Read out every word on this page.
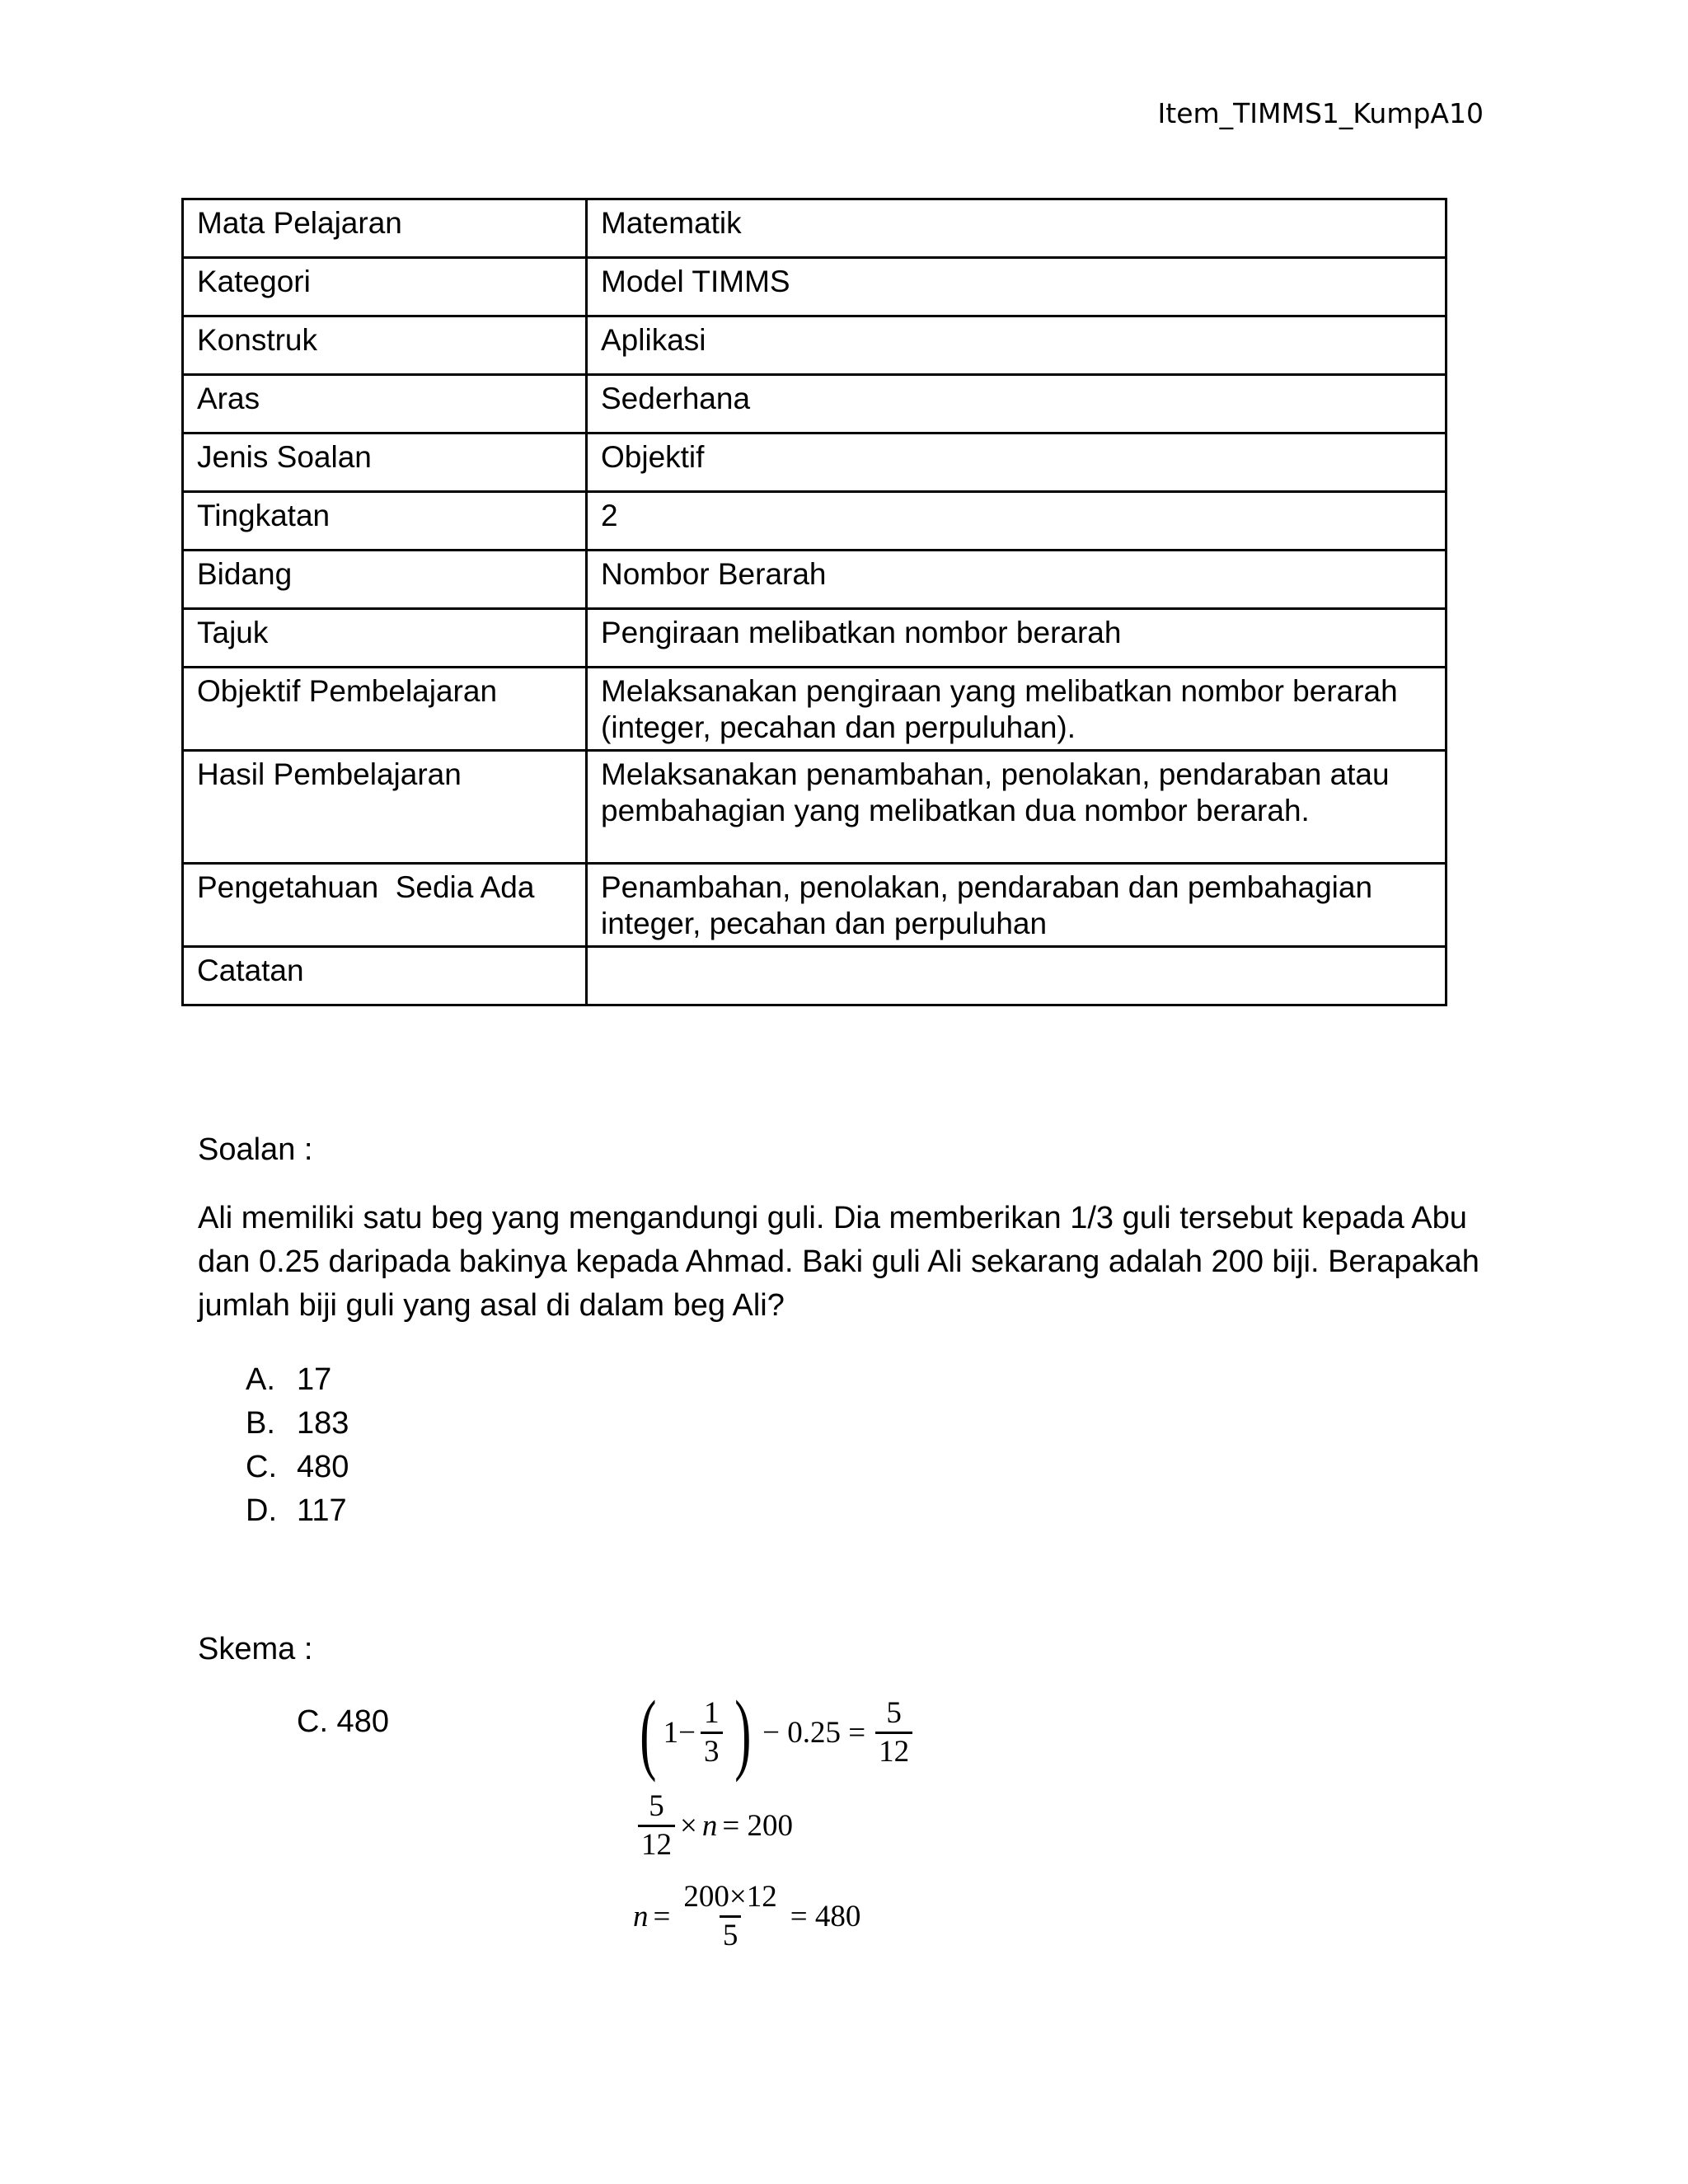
Item_TIMMS1_KumpA10
Mata Pelajaran	Matematik
Kategori	Model TIMMS
Konstruk	Aplikasi
Aras	Sederhana
Jenis Soalan	Objektif
Tingkatan	2
Bidang	Nombor Berarah
Tajuk	Pengiraan melibatkan nombor berarah
Objektif Pembelajaran	Melaksanakan pengiraan yang melibatkan nombor berarah (integer, pecahan dan perpuluhan).
Hasil Pembelajaran	Melaksanakan penambahan, penolakan, pendaraban atau pembahagian yang melibatkan dua nombor berarah.
Pengetahuan  Sedia Ada	Penambahan, penolakan, pendaraban dan pembahagian integer, pecahan dan perpuluhan
Catatan	
Soalan :
Ali memiliki satu beg yang mengandungi guli. Dia memberikan 1/3 guli tersebut kepada Abu dan 0.25 daripada bakinya kepada Ahmad. Baki guli Ali sekarang adalah 200 biji. Berapakah jumlah biji guli yang asal di dalam beg Ali?
A. 17
B. 183
C. 480
D. 117
Skema :
C. 480	( $1 - \frac{1}{3}$ ) − $0.25 = \frac{5}{12}$
$\frac{5}{12} \times n = 200$
$n = \frac{200\times 12}{5} = 480$
